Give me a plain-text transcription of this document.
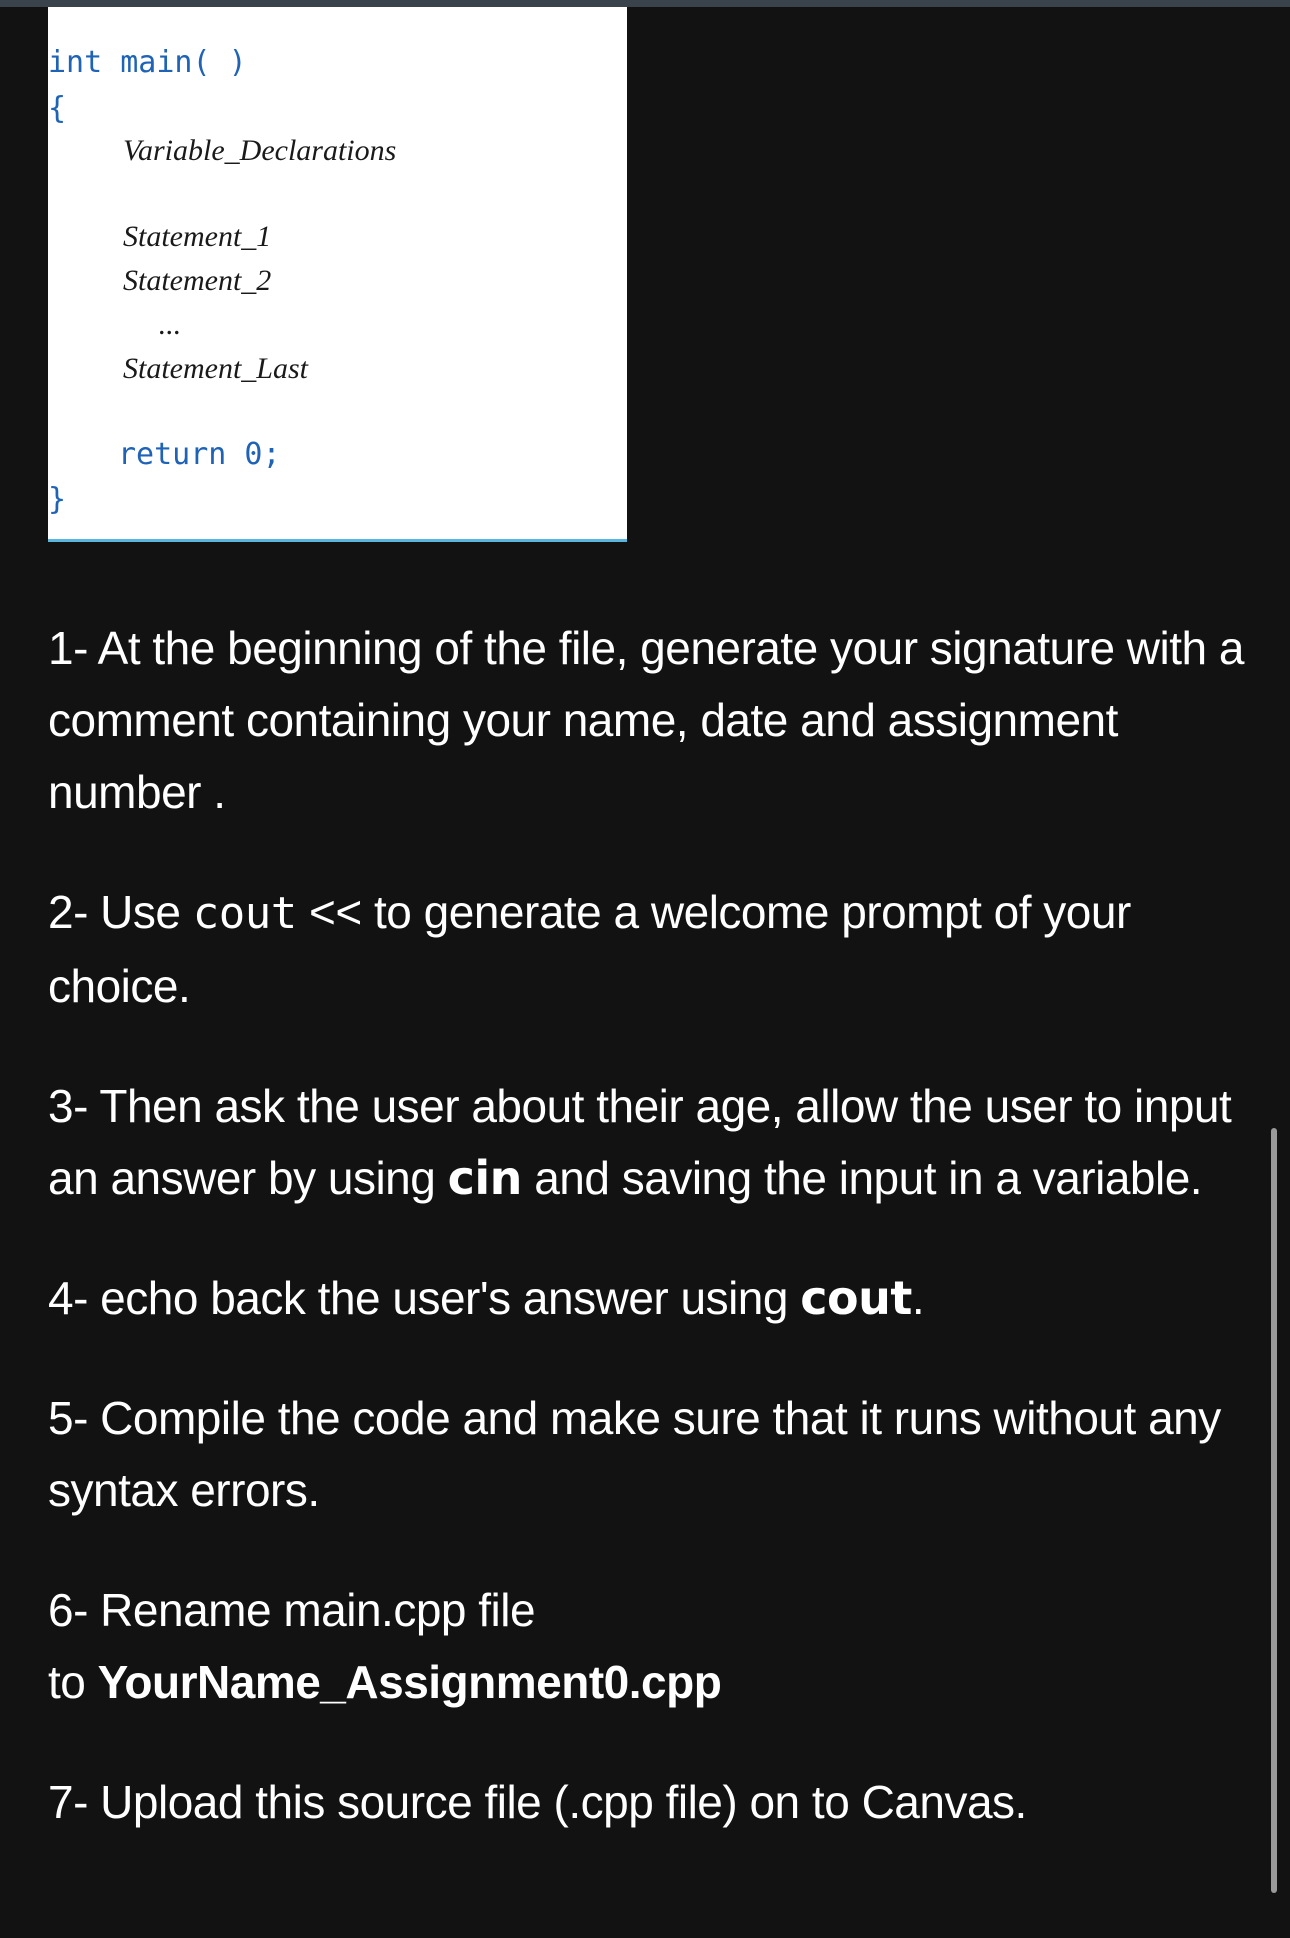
int main( )
{
Variable_Declarations
Statement_1
Statement_2
...
Statement_Last
return 0;
}

1- At the beginning of the file, generate your signature with a comment containing your name, date and assignment number .

2- Use cout << to generate a welcome prompt of your choice.

3- Then ask the user about their age, allow the user to input an answer by using cin and saving the input in a variable.

4- echo back the user's answer using cout.

5- Compile the code and make sure that it runs without any syntax errors.

6- Rename main.cpp file
to YourName_Assignment0.cpp

7- Upload this source file (.cpp file) on to Canvas.
